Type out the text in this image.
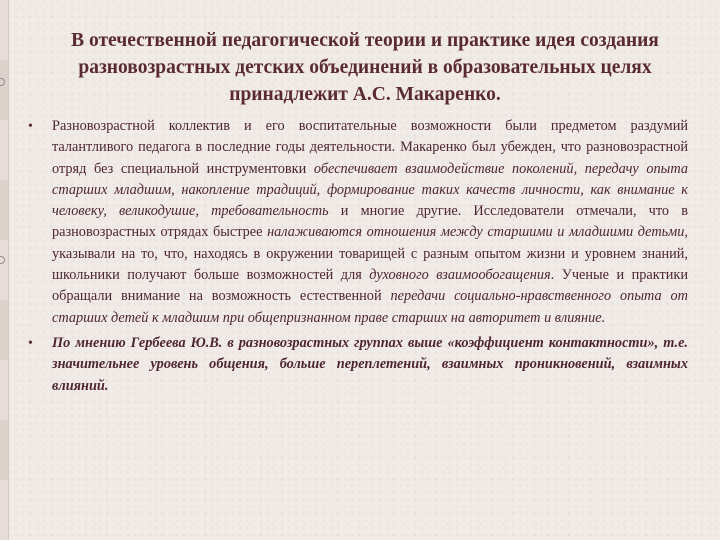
В отечественной педагогической теории и практике идея создания разновозрастных детских объединений в образовательных целях принадлежит А.С. Макаренко.
• Разновозрастной коллектив и его воспитательные возможности были предметом раздумий талантливого педагога в последние годы деятельности. Макаренко был убежден, что разновозрастной отряд без специальной инструментовки обеспечивает взаимодействие поколений, передачу опыта старших младшим, накопление традиций, формирование таких качеств личности, как внимание к человеку, великодушие, требовательность и многие другие. Исследователи отмечали, что в разновозрастных отрядах быстрее налаживаются отношения между старшими и младшими детьми, указывали на то, что, находясь в окружении товарищей с разным опытом жизни и уровнем знаний, школьники получают больше возможностей для духовного взаимообогащения. Ученые и практики обращали внимание на возможность естественной передачи социально-нравственного опыта от старших детей к младшим при общепризнанном праве старших на авторитет и влияние.

• По мнению Гербеева Ю.В. в разновозрастных группах выше «коэффициент контактности», т.е. значительнее уровень общения, больше переплетений, взаимных проникновений, взаимных влияний.
